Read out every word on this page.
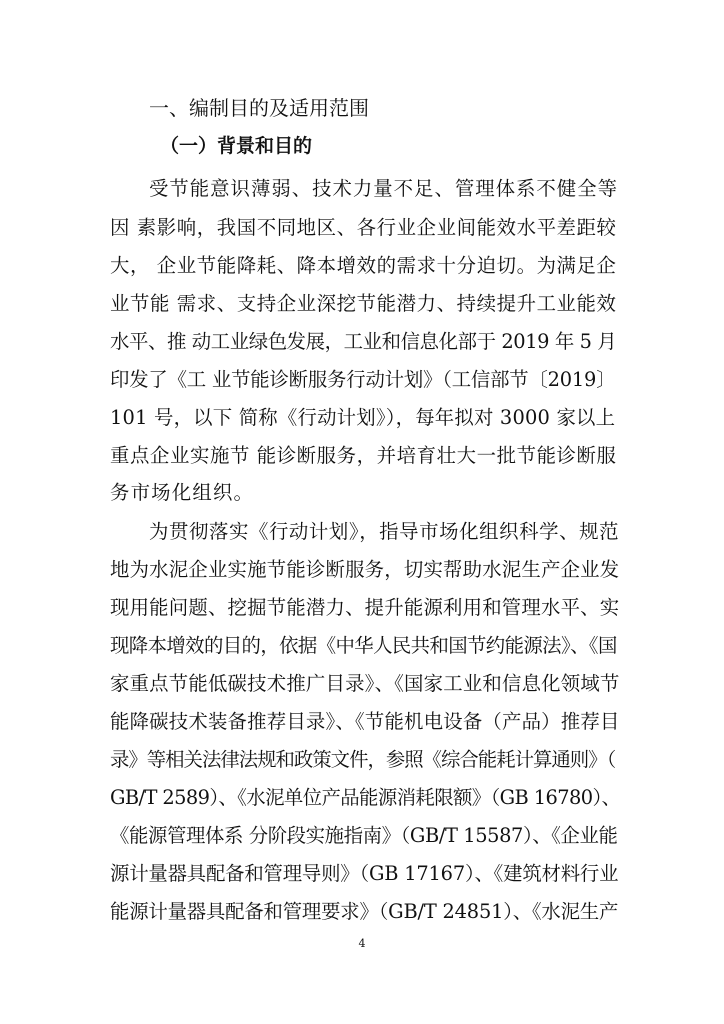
一、编制目的及适用范围
（一）背景和目的
受节能意识薄弱、技术力量不足、管理体系不健全等
因 素影响，我国不同地区、各行业企业间能效水平差距较
大， 企业节能降耗、降本增效的需求十分迫切。为满足企
业节能 需求、支持企业深挖节能潜力、持续提升工业能效
水平、推 动工业绿色发展，工业和信息化部于 2019 年 5 月
印发了《工 业节能诊断服务行动计划》（工信部节〔2019〕
101 号，以下 简称《行动计划》），每年拟对 3000 家以上
重点企业实施节 能诊断服务，并培育壮大一批节能诊断服
务市场化组织。
为贯彻落实《行动计划》，指导市场化组织科学、规范
地为水泥企业实施节能诊断服务，切实帮助水泥生产企业发
现用能问题、挖掘节能潜力、提升能源利用和管理水平、实
现降本增效的目的，依据《中华人民共和国节约能源法》、《国
家重点节能低碳技术推广目录》、《国家工业和信息化领域节
能降碳技术装备推荐目录》、《节能机电设备（产品）推荐目
录》等相关法律法规和政策文件，参照《综合能耗计算通则》（
GB/T 2589）、《水泥单位产品能源消耗限额》（GB 16780）、
《能源管理体系 分阶段实施指南》（GB/T 15587）、《企业能
源计量器具配备和管理导则》（GB 17167）、《建筑材料行业
能源计量器具配备和管理要求》（GB/T 24851）、《水泥生产
4
